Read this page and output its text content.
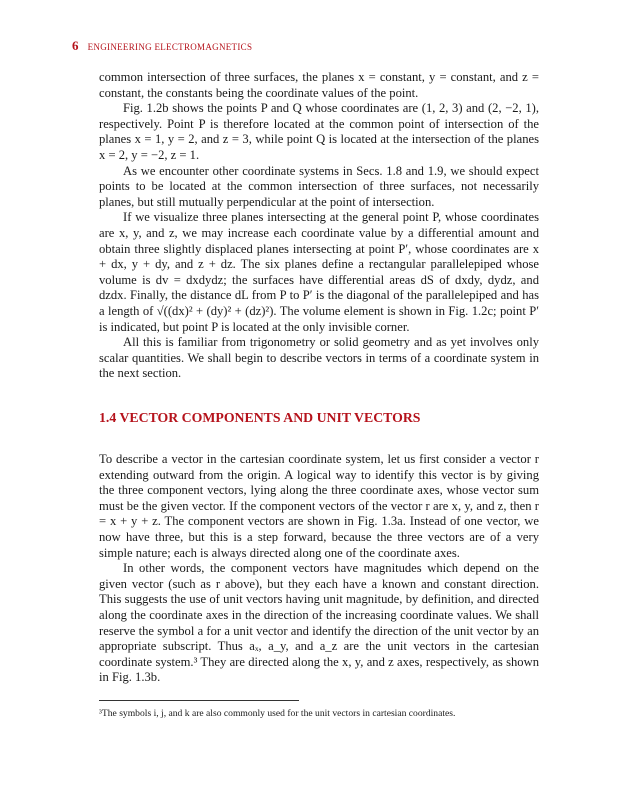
6 ENGINEERING ELECTROMAGNETICS

common intersection of three surfaces, the planes x = constant, y = constant, and z = constant, the constants being the coordinate values of the point.

Fig. 1.2b shows the points P and Q whose coordinates are (1, 2, 3) and (2, −2, 1), respectively. Point P is therefore located at the common point of intersection of the planes x = 1, y = 2, and z = 3, while point Q is located at the intersection of the planes x = 2, y = −2, z = 1.

As we encounter other coordinate systems in Secs. 1.8 and 1.9, we should expect points to be located at the common intersection of three surfaces, not necessarily planes, but still mutually perpendicular at the point of intersection.

If we visualize three planes intersecting at the general point P, whose coordinates are x, y, and z, we may increase each coordinate value by a differential amount and obtain three slightly displaced planes intersecting at point P′, whose coordinates are x + dx, y + dy, and z + dz. The six planes define a rectangular parallelepiped whose volume is dv = dxdydz; the surfaces have differential areas dS of dxdy, dydz, and dzdx. Finally, the distance dL from P to P′ is the diagonal of the parallelepiped and has a length of √((dx)² + (dy)² + (dz)²). The volume element is shown in Fig. 1.2c; point P′ is indicated, but point P is located at the only invisible corner.

All this is familiar from trigonometry or solid geometry and as yet involves only scalar quantities. We shall begin to describe vectors in terms of a coordinate system in the next section.

1.4 VECTOR COMPONENTS AND UNIT VECTORS

To describe a vector in the cartesian coordinate system, let us first consider a vector r extending outward from the origin. A logical way to identify this vector is by giving the three component vectors, lying along the three coordinate axes, whose vector sum must be the given vector. If the component vectors of the vector r are x, y, and z, then r = x + y + z. The component vectors are shown in Fig. 1.3a. Instead of one vector, we now have three, but this is a step forward, because the three vectors are of a very simple nature; each is always directed along one of the coordinate axes.

In other words, the component vectors have magnitudes which depend on the given vector (such as r above), but they each have a known and constant direction. This suggests the use of unit vectors having unit magnitude, by definition, and directed along the coordinate axes in the direction of the increasing coordinate values. We shall reserve the symbol a for a unit vector and identify the direction of the unit vector by an appropriate subscript. Thus aₓ, a_y, and a_z are the unit vectors in the cartesian coordinate system.³ They are directed along the x, y, and z axes, respectively, as shown in Fig. 1.3b.

³The symbols i, j, and k are also commonly used for the unit vectors in cartesian coordinates.
